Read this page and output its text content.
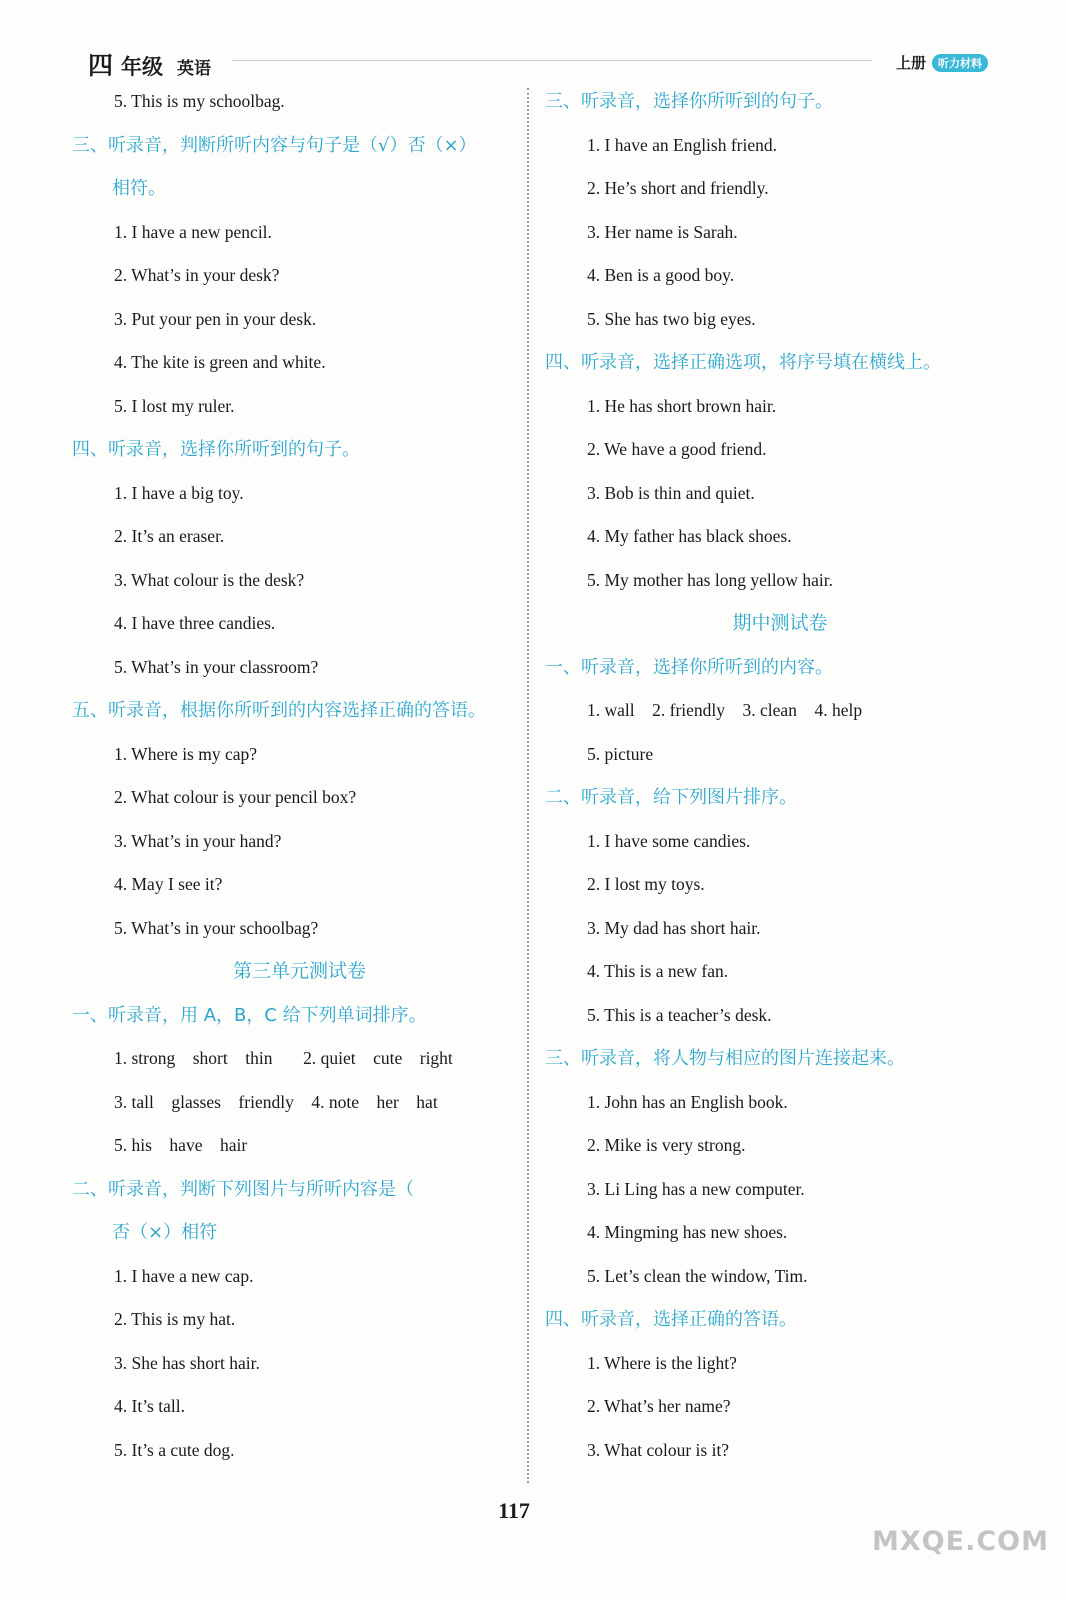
四 年级 英语	上册 听力材料
5. This is my schoolbag.
三、听录音，判断所听内容与句子是（√）否（×）
相符。
1. I have a new pencil.
2. What’s in your desk?
3. Put your pen in your desk.
4. The kite is green and white.
5. I lost my ruler.
四、听录音，选择你所听到的句子。
1. I have a big toy.
2. It’s an eraser.
3. What colour is the desk?
4. I have three candies.
5. What’s in your classroom?
五、听录音，根据你所听到的内容选择正确的答语。
1. Where is my cap?
2. What colour is your pencil box?
3. What’s in your hand?
4. May I see it?
5. What’s in your schoolbag?
第三单元测试卷
一、听录音，用 A，B，C 给下列单词排序。
1. strong    short    thin       2. quiet    cute    right
3. tall    glasses    friendly    4. note    her    hat
5. his    have    hair
二、听录音，判断下列图片与所听内容是（
否（×）相符
1. I have a new cap.
2. This is my hat.
3. She has short hair.
4. It’s tall.
5. It’s a cute dog.
三、听录音，选择你所听到的句子。
1. I have an English friend.
2. He’s short and friendly.
3. Her name is Sarah.
4. Ben is a good boy.
5. She has two big eyes.
四、听录音，选择正确选项，将序号填在横线上。
1. He has short brown hair.
2. We have a good friend.
3. Bob is thin and quiet.
4. My father has black shoes.
5. My mother has long yellow hair.
期中测试卷
一、听录音，选择你所听到的内容。
1. wall    2. friendly    3. clean    4. help
5. picture
二、听录音，给下列图片排序。
1. I have some candies.
2. I lost my toys.
3. My dad has short hair.
4. This is a new fan.
5. This is a teacher’s desk.
三、听录音，将人物与相应的图片连接起来。
1. John has an English book.
2. Mike is very strong.
3. Li Ling has a new computer.
4. Mingming has new shoes.
5. Let’s clean the window, Tim.
四、听录音，选择正确的答语。
1. Where is the light?
2. What’s her name?
3. What colour is it?
117
MXQE.COM
